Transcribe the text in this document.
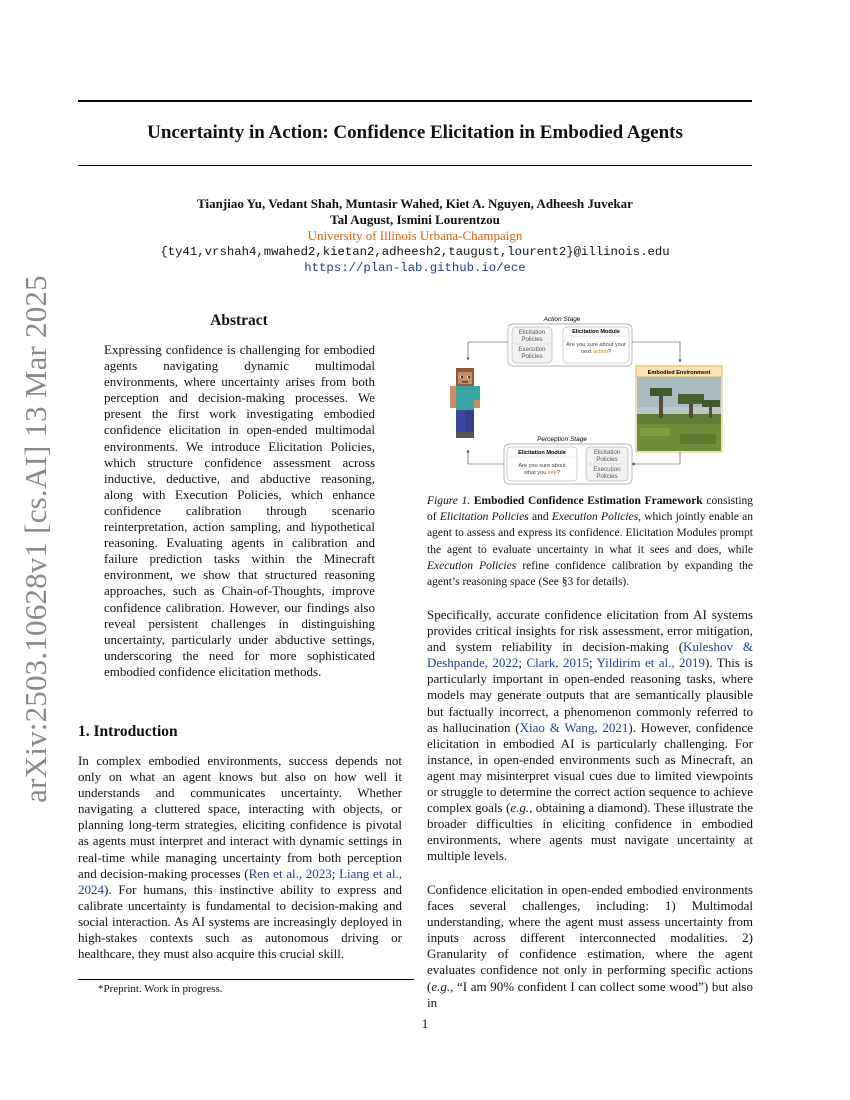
arXiv:2503.10628v1 [cs.AI] 13 Mar 2025
Uncertainty in Action: Confidence Elicitation in Embodied Agents
Tianjiao Yu, Vedant Shah, Muntasir Wahed, Kiet A. Nguyen, Adheesh Juvekar
Tal August, Ismini Lourentzou
University of Illinois Urbana-Champaign
{ty41,vrshah4,mwahed2,kietan2,adheesh2,taugust,lourent2}@illinois.edu
https://plan-lab.github.io/ece
Abstract

Expressing confidence is challenging for embodied agents navigating dynamic multimodal environments, where uncertainty arises from both perception and decision-making processes. We present the first work investigating embodied confidence elicitation in open-ended multimodal environments. We introduce Elicitation Policies, which structure confidence assessment across inductive, deductive, and abductive reasoning, along with Execution Policies, which enhance confidence calibration through scenario reinterpretation, action sampling, and hypothetical reasoning. Evaluating agents in calibration and failure prediction tasks within the Minecraft environment, we show that structured reasoning approaches, such as Chain-of-Thoughts, improve confidence calibration. However, our findings also reveal persistent challenges in distinguishing uncertainty, particularly under abductive settings, underscoring the need for more sophisticated embodied confidence elicitation methods.

1. Introduction

In complex embodied environments, success depends not only on what an agent knows but also on how well it understands and communicates uncertainty. Whether navigating a cluttered space, interacting with objects, or planning long-term strategies, eliciting confidence is pivotal as agents must interpret and interact with dynamic settings in real-time while managing uncertainty from both perception and decision-making processes (Ren et al., 2023; Liang et al., 2024). For humans, this instinctive ability to express and calibrate uncertainty is fundamental to decision-making and social interaction. As AI systems are increasingly deployed in high-stakes contexts such as autonomous driving or healthcare, they must also acquire this crucial skill.

*Preprint. Work in progress.
Action Stage
Elicitation
Policies
Execution
Policies
Elicitation Module
Are you sure about your
next action?
Embodied Environment
Perception Stage
Elicitation Module
Are you sure about
what you see?
Elicitation
Policies
Execution
Policies
Figure 1. Embodied Confidence Estimation Framework consisting of Elicitation Policies and Execution Policies, which jointly enable an agent to assess and express its confidence. Elicitation Modules prompt the agent to evaluate uncertainty in what it sees and does, while Execution Policies refine confidence calibration by expanding the agent’s reasoning space (See §3 for details).

Specifically, accurate confidence elicitation from AI systems provides critical insights for risk assessment, error mitigation, and system reliability in decision-making (Kuleshov & Deshpande, 2022; Clark, 2015; Yildirim et al., 2019). This is particularly important in open-ended reasoning tasks, where models may generate outputs that are semantically plausible but factually incorrect, a phenomenon commonly referred to as hallucination (Xiao & Wang, 2021). However, confidence elicitation in embodied AI is particularly challenging. For instance, in open-ended environments such as Minecraft, an agent may misinterpret visual cues due to limited viewpoints or struggle to determine the correct action sequence to achieve complex goals (e.g., obtaining a diamond). These illustrate the broader difficulties in eliciting confidence in embodied environments, where agents must navigate uncertainty at multiple levels.

Confidence elicitation in open-ended embodied environments faces several challenges, including: 1) Multimodal understanding, where the agent must assess uncertainty from inputs across different interconnected modalities. 2) Granularity of confidence estimation, where the agent evaluates confidence not only in performing specific actions (e.g., “I am 90% confident I can collect some wood”) but also in

1
